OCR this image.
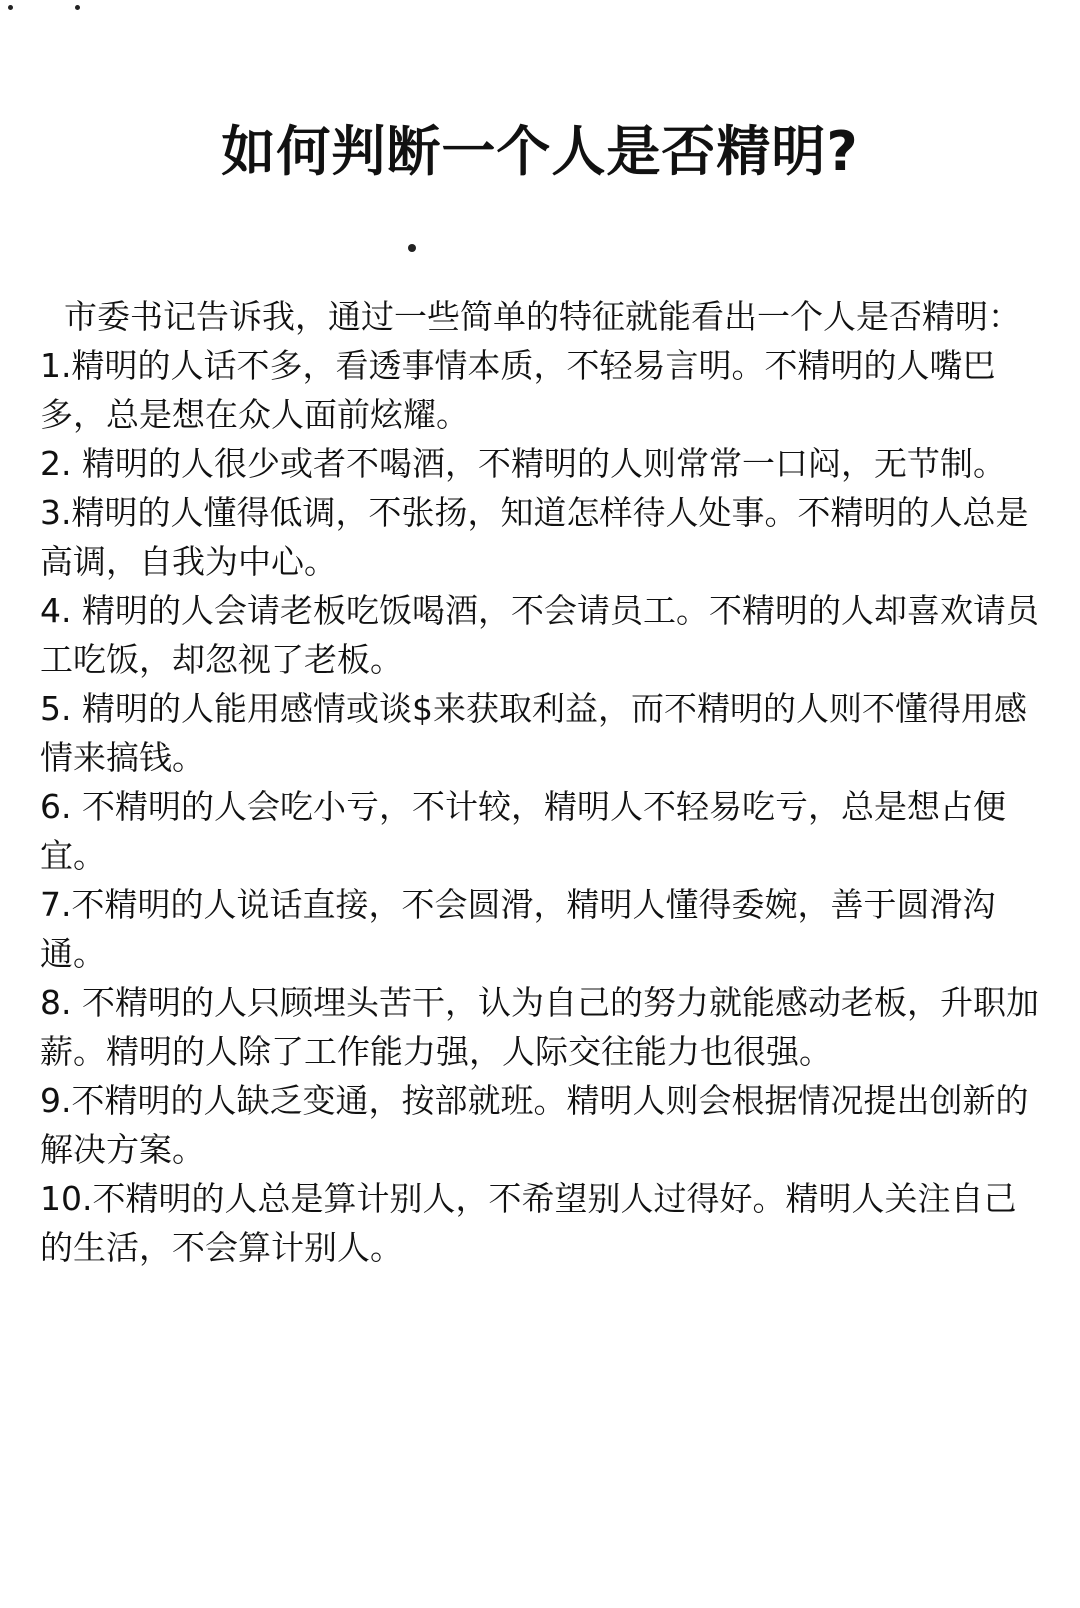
如何判断一个人是否精明?

市委书记告诉我，通过一些简单的特征就能看出一个人是否精明：

1.精明的人话不多，看透事情本质，不轻易言明。不精明的人嘴巴多，总是想在众人面前炫耀。

2. 精明的人很少或者不喝酒，不精明的人则常常一口闷，无节制。

3.精明的人懂得低调，不张扬，知道怎样待人处事。不精明的人总是高调，自我为中心。

4. 精明的人会请老板吃饭喝酒，不会请员工。不精明的人却喜欢请员工吃饭，却忽视了老板。

5. 精明的人能用感情或谈$来获取利益，而不精明的人则不懂得用感情来搞钱。

6. 不精明的人会吃小亏，不计较，精明人不轻易吃亏，总是想占便宜。

7.不精明的人说话直接，不会圆滑，精明人懂得委婉，善于圆滑沟通。

8. 不精明的人只顾埋头苦干，认为自己的努力就能感动老板，升职加薪。精明的人除了工作能力强，人际交往能力也很强。

9.不精明的人缺乏变通，按部就班。精明人则会根据情况提出创新的解决方案。

10.不精明的人总是算计别人，不希望别人过得好。精明人关注自己的生活，不会算计别人。
